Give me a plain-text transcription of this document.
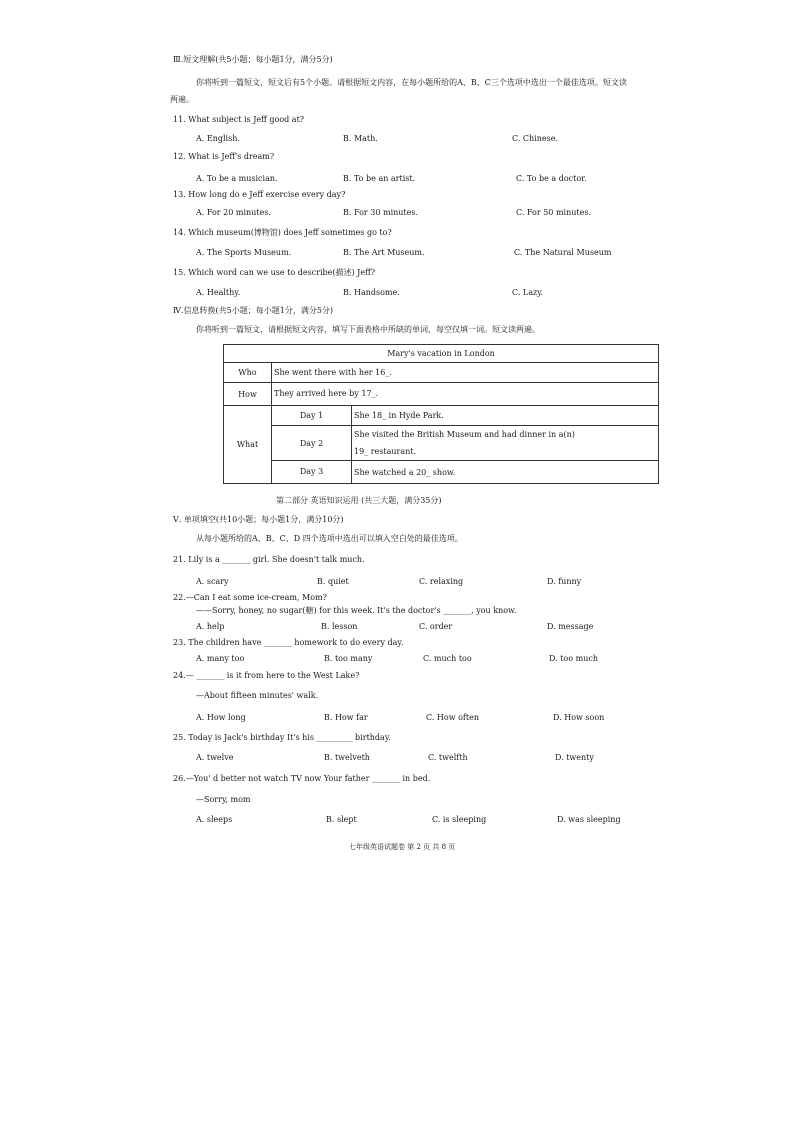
Ⅲ.短文理解(共5小题；每小题1分，满分5分)
你将听到一篇短文，短文后有5个小题。请根据短文内容，在每小题所给的A、B、C三个选项中选出一个最佳选项。短文读
两遍。
11. What subject is Jeff good at?
A. English.	B. Math.	C. Chinese.
12. What is Jeff's dream?
A. To be a musician.	B. To be an artist.	C. To be a doctor.
13. How long do e Jeff exercise every day?
A. For 20 minutes.	B. For 30 minutes.	C. For 50 minutes.
14. Which museum(博物馆) does Jeff sometimes go to?
A. The Sports Museum.	B. The Art Museum.	C. The Natural Museum
15. Which word can we use to describe(描述) Jeff?
A. Healthy.	B. Handsome.	C. Lazy.
Ⅳ.信息转换(共5小题；每小题1分，满分5分)
你将听到一篇短文，请根据短文内容，填写下面表格中所缺的单词，每空仅填一词。短文读两遍。
Mary's vacation in London		
Who	She went there with her 16_.	
How	They arrived here by 17_.	
What	Day 1	She 18_ in Hyde Park.
	Day 2	She visited the British Museum and had dinner in a(n)
19_ restaurant.

	Day 3	She watched a 20_ show.
第二部分 英语知识运用 (共三大题，满分35分)
Ⅴ. 单项填空(共10小题；每小题1分，满分10分)
从每小题所给的A、B、C、D 四个选项中选出可以填入空白处的最佳选项。
21. Lily is a _______ girl. She doesn't talk much.
A. scary	B. quiet	C. relaxing	D. funny
22.—Can I eat some ice-cream, Mom?
——Sorry, honey, no sugar(糖) for this week. It's the doctor's _______, you know.
A. help	B. lesson	C. order	D. message
23. The children have _______ homework to do every day.
A. many too	B. too many	C. much too	D. too much
24.— _______ is it from here to the West Lake?
—About fifteen minutes' walk.
A. How long	B. How far	C. How often	D. How soon
25. Today is Jack's birthday It's his _________ birthday.
A. twelve	B. twelveth	C. twelfth	D. twenty
26.—You' d better not watch TV now Your father _______ in bed.
—Sorry, mom
A. sleeps	B. slept	C. is sleeping	D. was sleeping
七年级英语试题卷 第 2 页 共 8 页
